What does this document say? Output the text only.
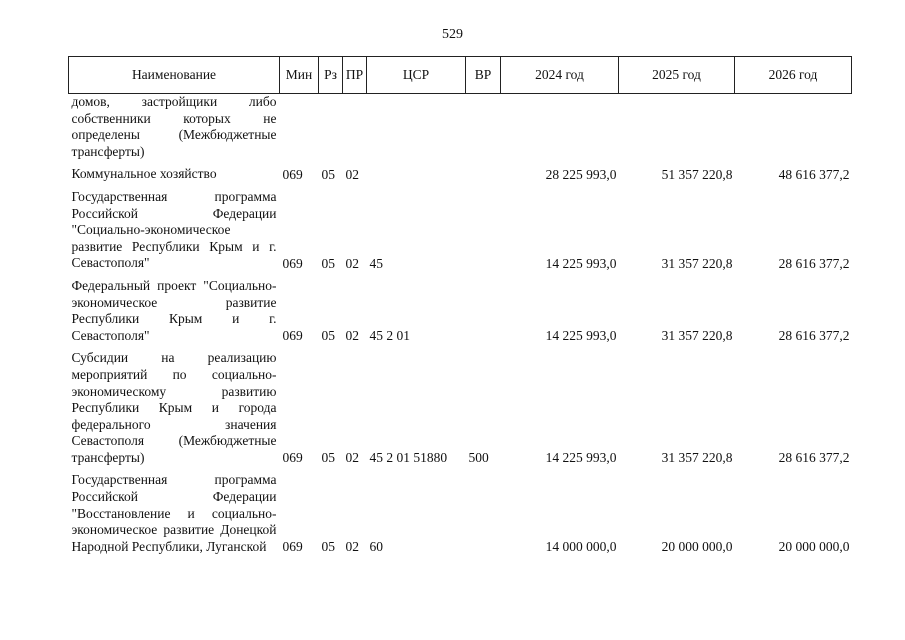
529
Наименование	Мин	Рз	ПР	ЦСР	ВР	2024 год	2025 год	2026 год
домов, застройщики либо собственники которых не определены (Межбюджетные трансферты)								

Коммунальное хозяйство	069	05	02			28 225 993,0	51 357 220,8	48 616 377,2

Государственная программа Российской Федерации "Социально-экономическое развитие Республики Крым и г. Севастополя"	069	05	02	45		14 225 993,0	31 357 220,8	28 616 377,2

Федеральный проект "Социально-экономическое развитие Республики Крым и г. Севастополя"	069	05	02	45 2 01		14 225 993,0	31 357 220,8	28 616 377,2

Субсидии на реализацию мероприятий по социально-экономическому развитию Республики Крым и города федерального значения Севастополя (Межбюджетные трансферты)	069	05	02	45 2 01 51880	500	14 225 993,0	31 357 220,8	28 616 377,2

Государственная программа Российской Федерации "Восстановление и социально-экономическое развитие Донецкой Народной Республики, Луганской	069	05	02	60		14 000 000,0	20 000 000,0	20 000 000,0
